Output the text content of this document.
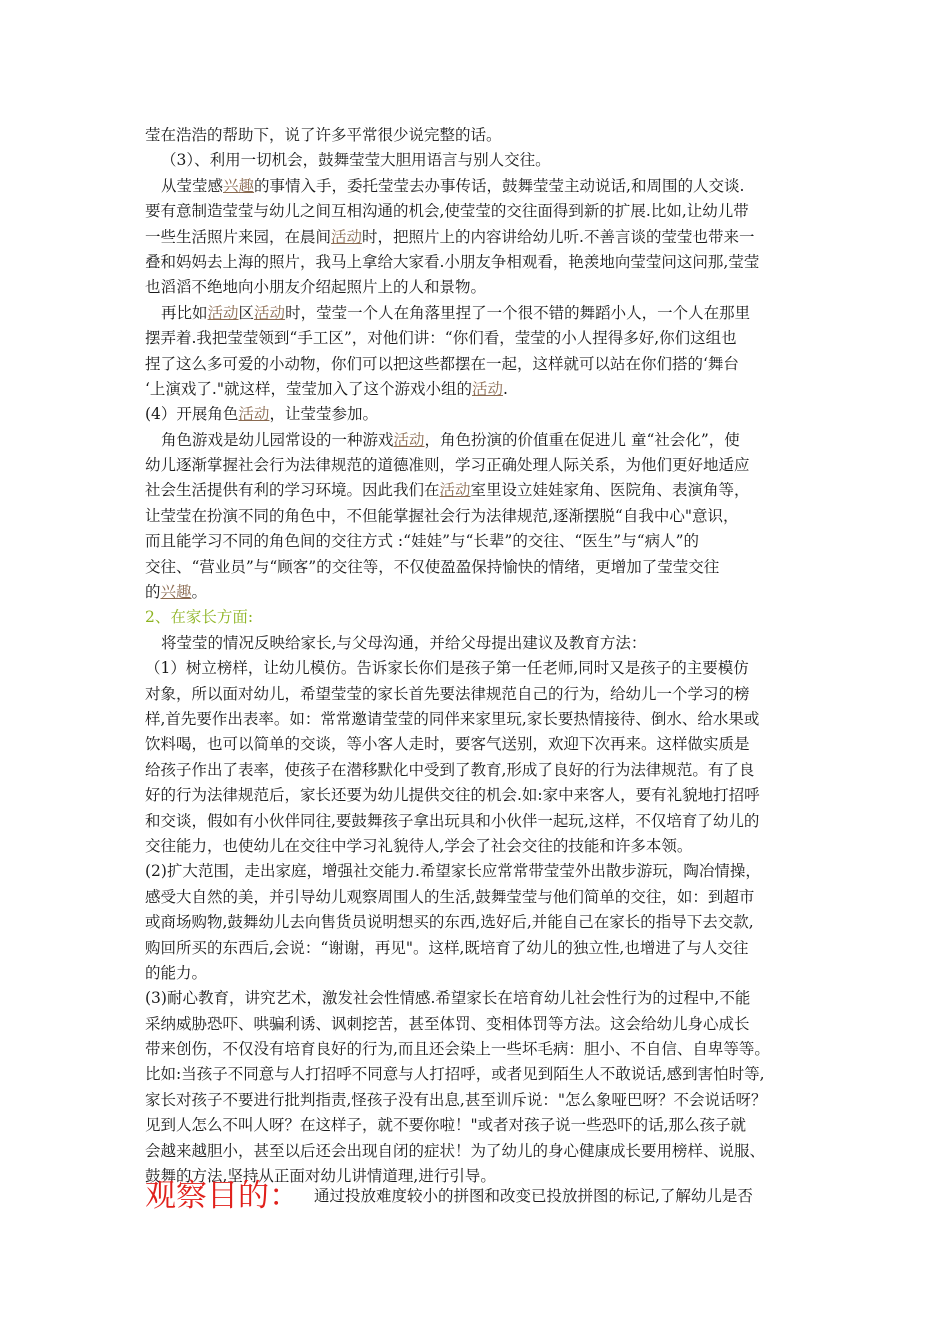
莹在浩浩的帮助下，说了许多平常很少说完整的话。
（3）、利用一切机会，鼓舞莹莹大胆用语言与别人交往。
从莹莹感兴趣的事情入手，委托莹莹去办事传话，鼓舞莹莹主动说话,和周围的人交谈.
要有意制造莹莹与幼儿之间互相沟通的机会,使莹莹的交往面得到新的扩展.比如,让幼儿带
一些生活照片来园，在晨间活动时，把照片上的内容讲给幼儿听.不善言谈的莹莹也带来一
叠和妈妈去上海的照片，我马上拿给大家看.小朋友争相观看，艳羡地向莹莹问这问那,莹莹
也滔滔不绝地向小朋友介绍起照片上的人和景物。
再比如活动区活动时，莹莹一个人在角落里捏了一个很不错的舞蹈小人，一个人在那里
摆弄着.我把莹莹领到“手工区”，对他们讲：“你们看，莹莹的小人捏得多好,你们这组也
捏了这么多可爱的小动物，你们可以把这些都摆在一起，这样就可以站在你们搭的‘舞台
‘上演戏了."就这样，莹莹加入了这个游戏小组的活动.
(4）开展角色活动，让莹莹参加。
角色游戏是幼儿园常设的一种游戏活动，角色扮演的价值重在促进儿 童“社会化”，使
幼儿逐渐掌握社会行为法律规范的道德准则，学习正确处理人际关系，为他们更好地适应
社会生活提供有利的学习环境。因此我们在活动室里设立娃娃家角、医院角、表演角等，
让莹莹在扮演不同的角色中，不但能掌握社会行为法律规范,逐渐摆脱“自我中心"意识，
而且能学习不同的角色间的交往方式 :“娃娃”与“长辈”的交往、“医生”与“病人”的
交往、“营业员”与“顾客”的交往等，不仅使盈盈保持愉快的情绪，更增加了莹莹交往
的兴趣。
2、在家长方面:
将莹莹的情况反映给家长,与父母沟通，并给父母提出建议及教育方法：
（1）树立榜样，让幼儿模仿。告诉家长你们是孩子第一任老师,同时又是孩子的主要模仿
对象，所以面对幼儿，希望莹莹的家长首先要法律规范自己的行为，给幼儿一个学习的榜
样,首先要作出表率。如：常常邀请莹莹的同伴来家里玩,家长要热情接待、倒水、给水果或
饮料喝，也可以简单的交谈，等小客人走时，要客气送别，欢迎下次再来。这样做实质是
给孩子作出了表率，使孩子在潜移默化中受到了教育,形成了良好的行为法律规范。有了良
好的行为法律规范后，家长还要为幼儿提供交往的机会.如:家中来客人，要有礼貌地打招呼
和交谈，假如有小伙伴同往,要鼓舞孩子拿出玩具和小伙伴一起玩,这样，不仅培育了幼儿的
交往能力，也使幼儿在交往中学习礼貌待人,学会了社会交往的技能和许多本领。
(2)扩大范围，走出家庭，增强社交能力.希望家长应常常带莹莹外出散步游玩，陶冶情操，
感受大自然的美，并引导幼儿观察周围人的生活,鼓舞莹莹与他们简单的交往，如：到超市
或商场购物,鼓舞幼儿去向售货员说明想买的东西,选好后,并能自己在家长的指导下去交款,
购回所买的东西后,会说：“谢谢，再见"。这样,既培育了幼儿的独立性,也增进了与人交往
的能力。
(3)耐心教育，讲究艺术，激发社会性情感.希望家长在培育幼儿社会性行为的过程中,不能
采纳威胁恐吓、哄骗利诱、讽刺挖苦，甚至体罚、变相体罚等方法。这会给幼儿身心成长
带来创伤，不仅没有培育良好的行为,而且还会染上一些坏毛病：胆小、不自信、自卑等等。
比如:当孩子不同意与人打招呼不同意与人打招呼，或者见到陌生人不敢说话,感到害怕时等,
家长对孩子不要进行批判指责,怪孩子没有出息,甚至训斥说："怎么象哑巴呀？不会说话呀？
见到人怎么不叫人呀？在这样子，就不要你啦！"或者对孩子说一些恐吓的话,那么孩子就
会越来越胆小，甚至以后还会出现自闭的症状！为了幼儿的身心健康成长要用榜样、说服、
鼓舞的方法,坚持从正面对幼儿讲情道理,进行引导。
观察目的： 通过投放难度较小的拼图和改变已投放拼图的标记,了解幼儿是否
